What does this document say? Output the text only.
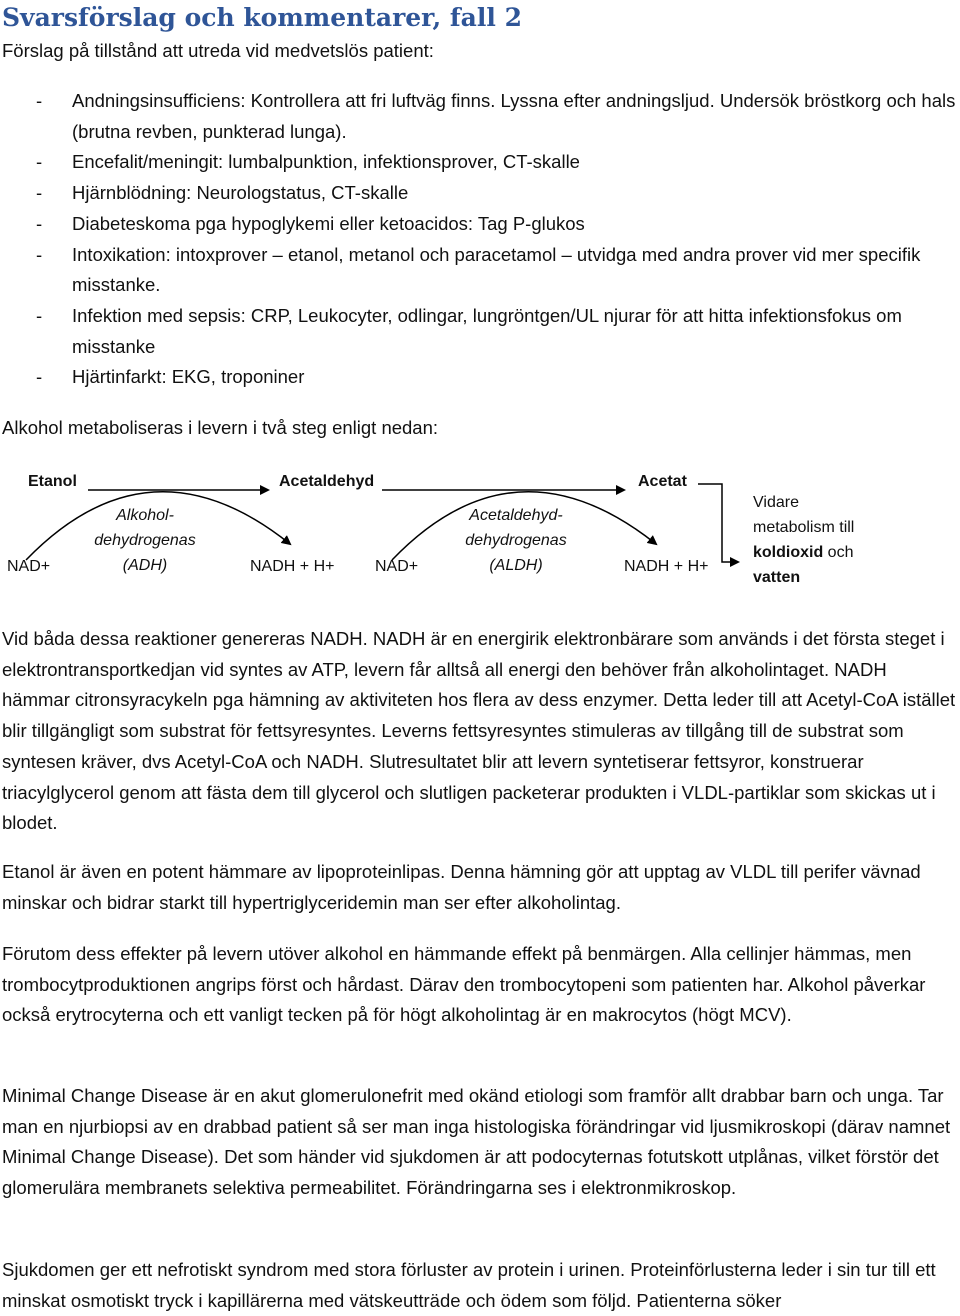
Svarsförslag och kommentarer, fall 2
Förslag på tillstånd att utreda vid medvetslös patient:
- Andningsinsufficiens: Kontrollera att fri luftväg finns. Lyssna efter andningsljud. Undersök bröstkorg och hals (brutna revben, punkterad lunga).
- Encefalit/meningit: lumbalpunktion, infektionsprover, CT-skalle
- Hjärnblödning: Neurologstatus, CT-skalle
- Diabeteskoma pga hypoglykemi eller ketoacidos: Tag P-glukos
- Intoxikation: intoxprover – etanol, metanol och paracetamol – utvidga med andra prover vid mer specifik misstanke.
- Infektion med sepsis: CRP, Leukocyter, odlingar, lungröntgen/UL njurar för att hitta infektionsfokus om misstanke
- Hjärtinfarkt: EKG, troponiner
Alkohol metaboliseras i levern i två steg enligt nedan:
Etanol	Acetaldehyd	Acetat
Alkohol-
dehydrogenas
(ADH)
Acetaldehyd-
dehydrogenas
(ALDH)
NAD+	NADH + H+	NAD+	NADH + H+
Vidare
metabolism till
koldioxid och
vatten
Vid båda dessa reaktioner genereras NADH. NADH är en energirik elektronbärare som används i det första steget i elektrontransportkedjan vid syntes av ATP, levern får alltså all energi den behöver från alkoholintaget. NADH hämmar citronsyracykeln pga hämning av aktiviteten hos flera av dess enzymer. Detta leder till att Acetyl-CoA istället blir tillgängligt som substrat för fettsyresyntes. Leverns fettsyresyntes stimuleras av tillgång till de substrat som syntesen kräver, dvs Acetyl-CoA och NADH. Slutresultatet blir att levern syntetiserar fettsyror, konstruerar triacylglycerol genom att fästa dem till glycerol och slutligen packeterar produkten i VLDL-partiklar som skickas ut i blodet.
Etanol är även en potent hämmare av lipoproteinlipas. Denna hämning gör att upptag av VLDL till perifer vävnad minskar och bidrar starkt till hypertriglyceridemin man ser efter alkoholintag.
Förutom dess effekter på levern utöver alkohol en hämmande effekt på benmärgen. Alla cellinjer hämmas, men trombocytproduktionen angrips först och hårdast. Därav den trombocytopeni som patienten har. Alkohol påverkar också erytrocyterna och ett vanligt tecken på för högt alkoholintag är en makrocytos (högt MCV).
Minimal Change Disease är en akut glomerulonefrit med okänd etiologi som framför allt drabbar barn och unga. Tar man en njurbiopsi av en drabbad patient så ser man inga histologiska förändringar vid ljusmikroskopi (därav namnet Minimal Change Disease). Det som händer vid sjukdomen är att podocyternas fotutskott utplånas, vilket förstör det glomerulära membranets selektiva permeabilitet. Förändringarna ses i elektronmikroskop.
Sjukdomen ger ett nefrotiskt syndrom med stora förluster av protein i urinen. Proteinförlusterna leder i sin tur till ett minskat osmotiskt tryck i kapillärerna med vätskeutträde och ödem som följd. Patienterna söker
